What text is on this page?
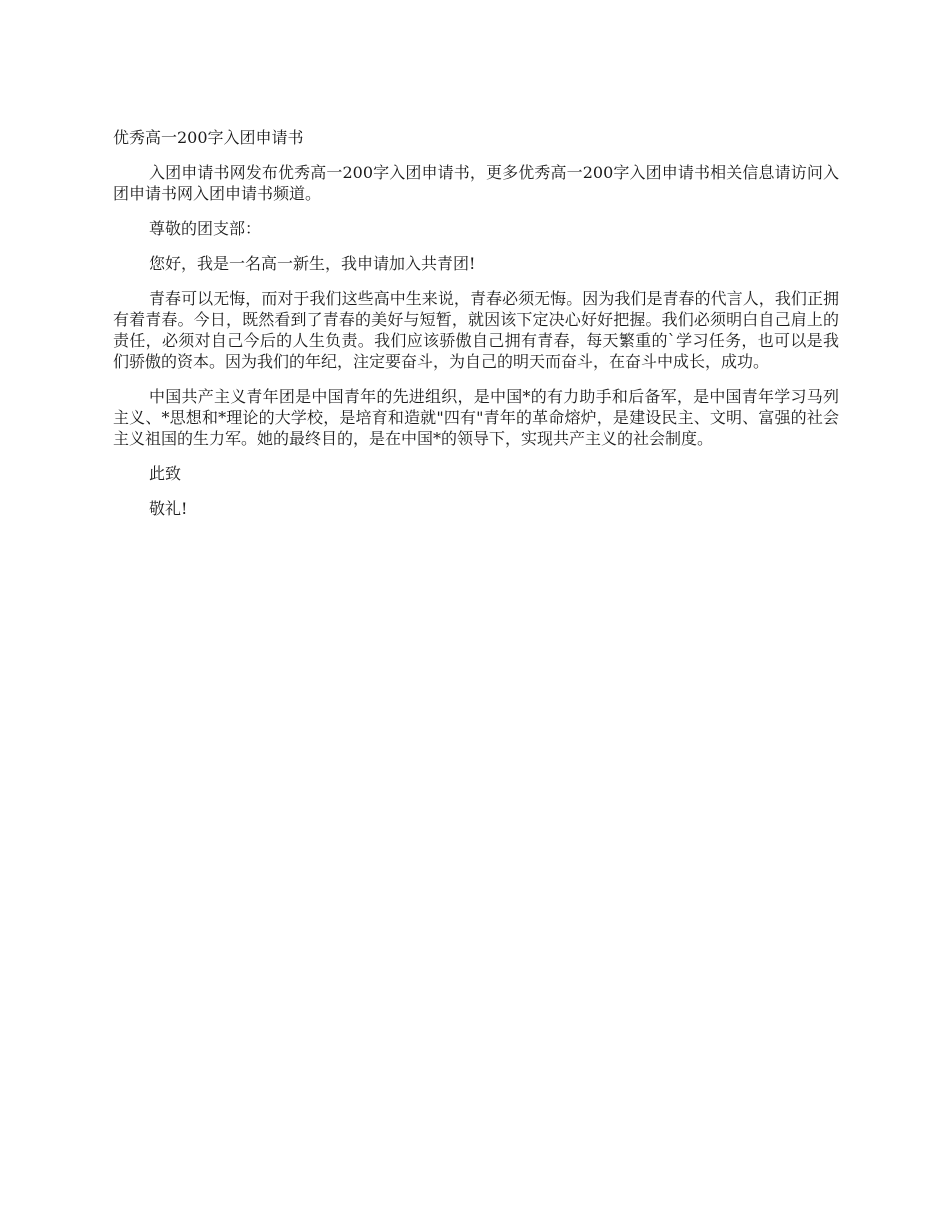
优秀高一200字入团申请书

入团申请书网发布优秀高一200字入团申请书，更多优秀高一200字入团申请书相关信息请访问入团申请书网入团申请书频道。

尊敬的团支部：

您好，我是一名高一新生，我申请加入共青团!

青春可以无悔，而对于我们这些高中生来说，青春必须无悔。因为我们是青春的代言人，我们正拥有着青春。今日，既然看到了青春的美好与短暂，就因该下定决心好好把握。我们必须明白自己肩上的责任，必须对自己今后的人生负责。我们应该骄傲自己拥有青春，每天繁重的`学习任务，也可以是我们骄傲的资本。因为我们的年纪，注定要奋斗，为自己的明天而奋斗，在奋斗中成长，成功。

中国共产主义青年团是中国青年的先进组织，是中国*的有力助手和后备军，是中国青年学习马列主义、*思想和*理论的大学校，是培育和造就"四有"青年的革命熔炉，是建设民主、文明、富强的社会主义祖国的生力军。她的最终目的，是在中国*的领导下，实现共产主义的社会制度。

此致

敬礼!
